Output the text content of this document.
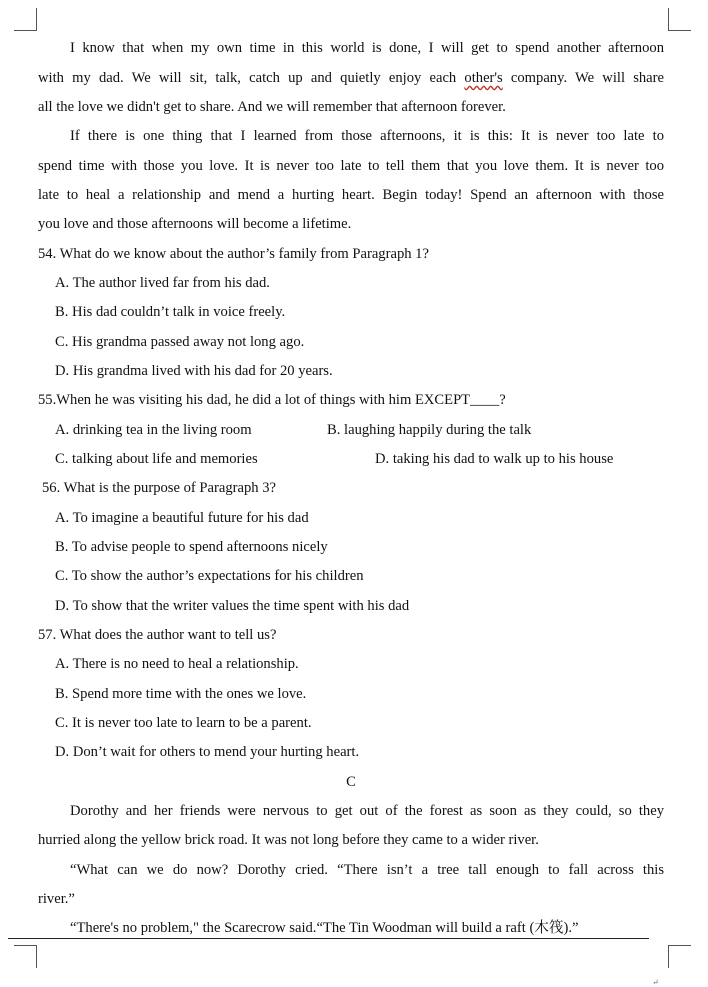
I know that when my own time in this world is done, I will get to spend another afternoon
with my dad. We will sit, talk, catch up and quietly enjoy each other's company. We will share
all the love we didn't get to share. And we will remember that afternoon forever.
If there is one thing that I learned from those afternoons, it is this: It is never too late to
spend time with those you love. It is never too late to tell them that you love them. It is never too
late to heal a relationship and mend a hurting heart. Begin today! Spend an afternoon with those
you love and those afternoons will become a lifetime.
54. What do we know about the author’s family from Paragraph 1?
A. The author lived far from his dad.
B. His dad couldn’t talk in voice freely.
C. His grandma passed away not long ago.
D. His grandma lived with his dad for 20 years.
55.When he was visiting his dad, he did a lot of things with him EXCEPT____?
A. drinking tea in the living room	B. laughing happily during the talk
C. talking about life and memories	D. taking his dad to walk up to his house
56. What is the purpose of Paragraph 3?
A. To imagine a beautiful future for his dad
B. To advise people to spend afternoons nicely
C. To show the author’s expectations for his children
D. To show that the writer values the time spent with his dad
57. What does the author want to tell us?
A. There is no need to heal a relationship.
B. Spend more time with the ones we love.
C. It is never too late to learn to be a parent.
D. Don’t wait for others to mend your hurting heart.
C
Dorothy and her friends were nervous to get out of the forest as soon as they could, so they
hurried along the yellow brick road. It was not long before they came to a wider river.
“What can we do now? Dorothy cried. “There isn’t a tree tall enough to fall across this
river.”
“There's no problem," the Scarecrow said.“The Tin Woodman will build a raft (木筏).”
↵
